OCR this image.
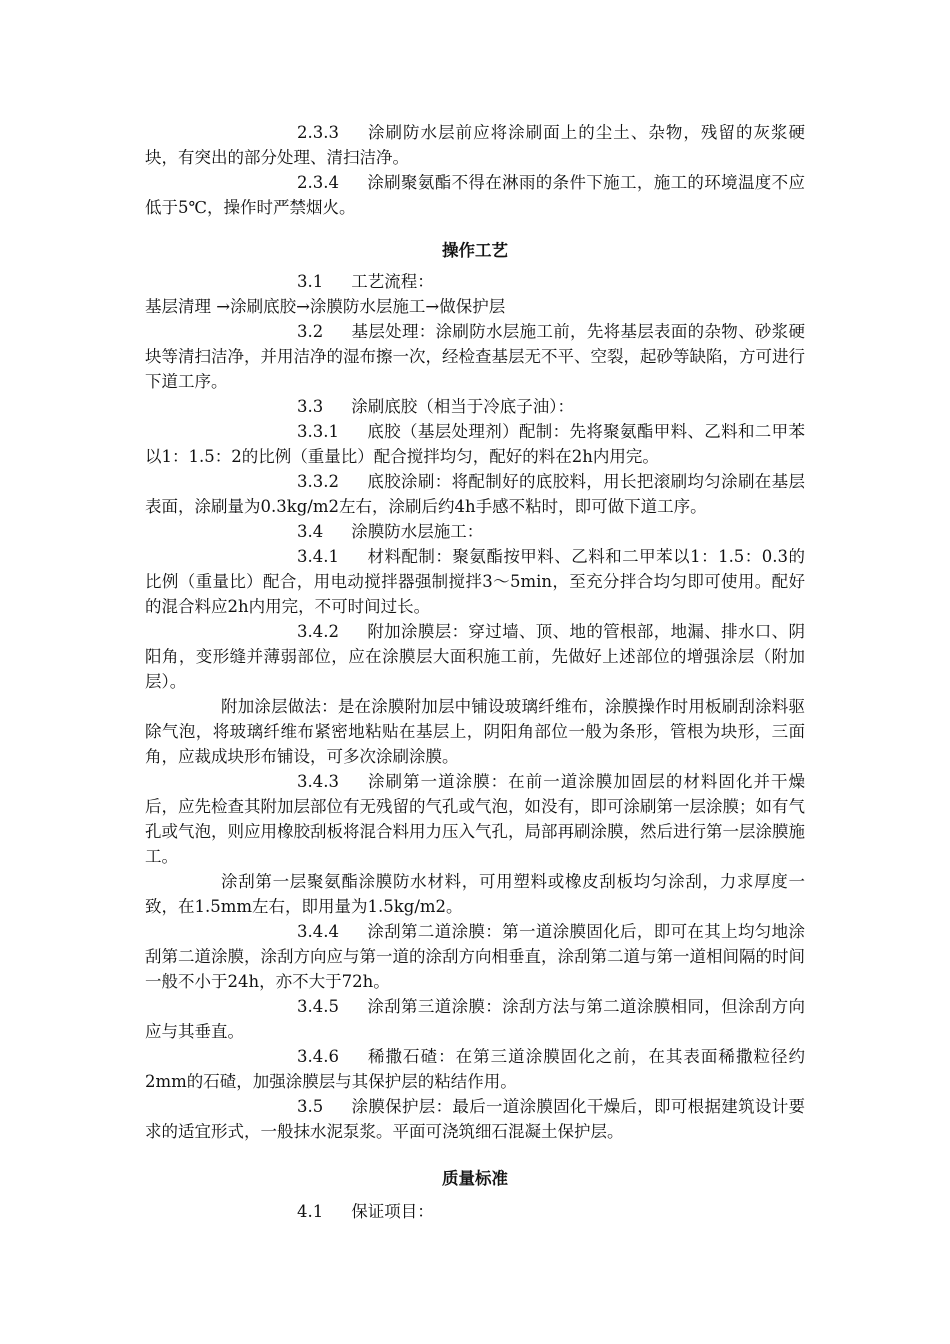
2.3.3 涂刷防水层前应将涂刷面上的尘土、杂物，残留的灰浆硬块，有突出的部分处理、清扫洁净。

2.3.4 涂刷聚氨酯不得在淋雨的条件下施工，施工的环境温度不应低于5℃，操作时严禁烟火。

操作工艺

3.1 工艺流程：

基层清理 →涂刷底胶→涂膜防水层施工→做保护层

3.2 基层处理：涂刷防水层施工前，先将基层表面的杂物、砂浆硬块等清扫洁净，并用洁净的湿布擦一次，经检查基层无不平、空裂，起砂等缺陷，方可进行下道工序。

3.3 涂刷底胶（相当于冷底子油）：

3.3.1 底胶（基层处理剂）配制：先将聚氨酯甲料、乙料和二甲苯以1：1.5：2的比例（重量比）配合搅拌均匀，配好的料在2h内用完。

3.3.2 底胶涂刷：将配制好的底胶料，用长把滚刷均匀涂刷在基层表面，涂刷量为0.3kg/m2左右，涂刷后约4h手感不粘时，即可做下道工序。

3.4 涂膜防水层施工：

3.4.1 材料配制：聚氨酯按甲料、乙料和二甲苯以1：1.5：0.3的比例（重量比）配合，用电动搅拌器强制搅拌3～5min，至充分拌合均匀即可使用。配好的混合料应2h内用完，不可时间过长。

3.4.2 附加涂膜层：穿过墙、顶、地的管根部，地漏、排水口、阴阳角，变形缝并薄弱部位，应在涂膜层大面积施工前，先做好上述部位的增强涂层（附加层）。

附加涂层做法：是在涂膜附加层中铺设玻璃纤维布，涂膜操作时用板刷刮涂料驱除气泡，将玻璃纤维布紧密地粘贴在基层上，阴阳角部位一般为条形，管根为块形，三面角，应裁成块形布铺设，可多次涂刷涂膜。

3.4.3 涂刷第一道涂膜：在前一道涂膜加固层的材料固化并干燥后，应先检查其附加层部位有无残留的气孔或气泡，如没有，即可涂刷第一层涂膜；如有气孔或气泡，则应用橡胶刮板将混合料用力压入气孔，局部再刷涂膜，然后进行第一层涂膜施工。

涂刮第一层聚氨酯涂膜防水材料，可用塑料或橡皮刮板均匀涂刮，力求厚度一致，在1.5mm左右，即用量为1.5kg/m2。

3.4.4 涂刮第二道涂膜：第一道涂膜固化后，即可在其上均匀地涂刮第二道涂膜，涂刮方向应与第一道的涂刮方向相垂直，涂刮第二道与第一道相间隔的时间一般不小于24h，亦不大于72h。

3.4.5 涂刮第三道涂膜：涂刮方法与第二道涂膜相同，但涂刮方向应与其垂直。

3.4.6 稀撒石碴：在第三道涂膜固化之前，在其表面稀撒粒径约2mm的石碴，加强涂膜层与其保护层的粘结作用。

3.5 涂膜保护层：最后一道涂膜固化干燥后，即可根据建筑设计要求的适宜形式，一般抹水泥泵浆。平面可浇筑细石混凝土保护层。

质量标准

4.1 保证项目：
